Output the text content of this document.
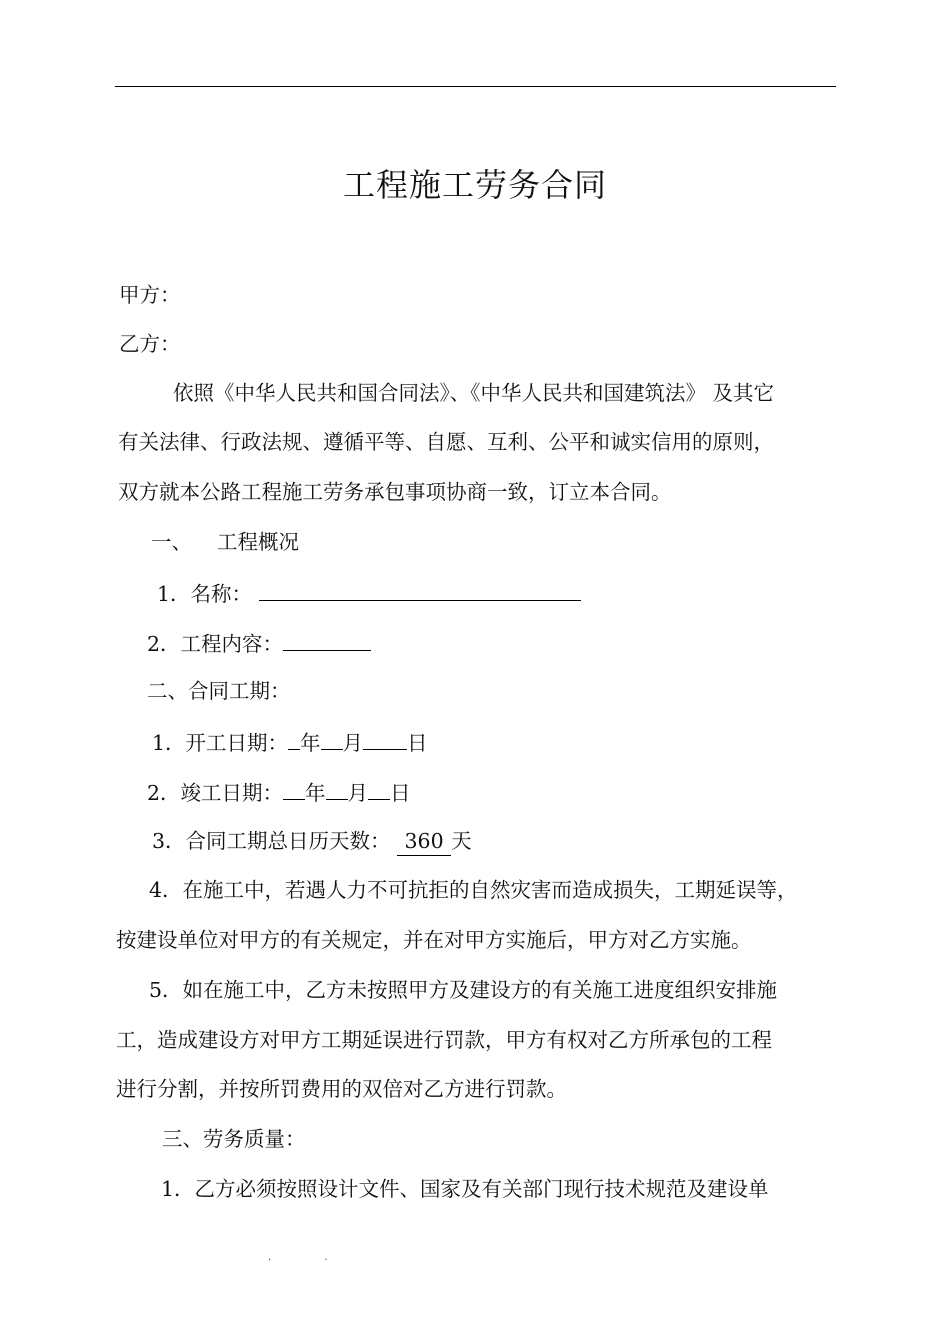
工程施工劳务合同
甲方：
乙方：
依照《中华人民共和国合同法》、《中华人民共和国建筑法》 及其它
有关法律、行政法规、遵循平等、自愿、互利、公平和诚实信用的原则，
双方就本公路工程施工劳务承包事项协商一致，订立本合同。
一、 工程概况
1．名称：
2．工程内容：
二、合同工期：
1．开工日期： 年 月 日
2．竣工日期： 年 月 日
3．合同工期总日历天数： 360 天
4．在施工中，若遇人力不可抗拒的自然灾害而造成损失，工期延误等，
按建设单位对甲方的有关规定，并在对甲方实施后，甲方对乙方实施。
5．如在施工中，乙方未按照甲方及建设方的有关施工进度组织安排施
工，造成建设方对甲方工期延误进行罚款，甲方有权对乙方所承包的工程
进行分割，并按所罚费用的双倍对乙方进行罚款。
三、劳务质量：
1．乙方必须按照设计文件、国家及有关部门现行技术规范及建设单
. .
